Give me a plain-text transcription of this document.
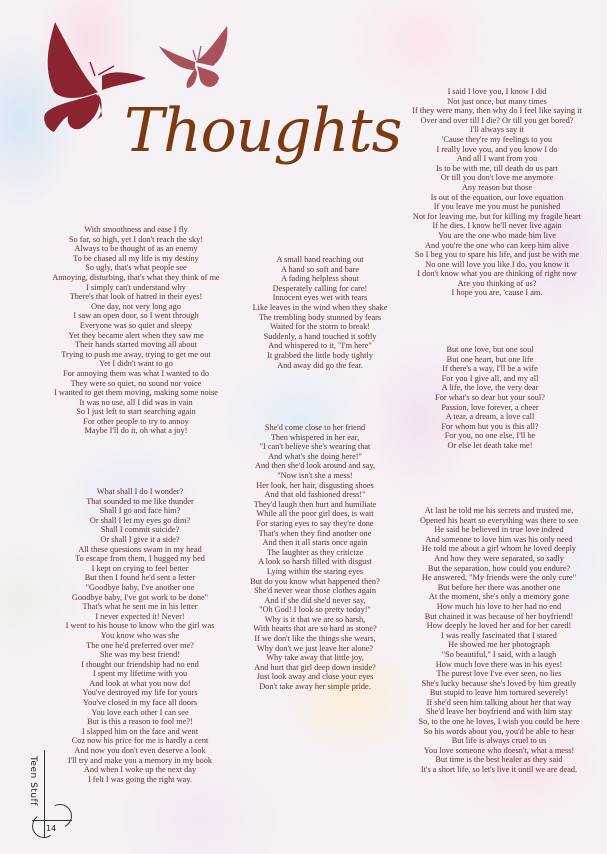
Thoughts
With smoothness and ease I fly
So far, so high, yet I don't reach the sky!
Always to be thought of as an enemy
To be chased all my life is my destiny
So ugly, that's what people see
Annoying, disturbing, that's what they think of me
I simply can't understand why
There's that look of hatred in their eyes!
One day, not very long ago
I saw an open door, so I went through
Everyone was so quiet and sleepy
Yet they became alert when they saw me
Their hands started moving all about
Trying to push me away, trying to get me out
Yet I didn't want to go
For annoying them was what I wanted to do
They were so quiet, no sound nor voice
I wanted to get them moving, making some noise
It was no use, all I did was in vain
So I just left to start searching again
For other people to try to annoy
Maybe I'll do it, oh what a joy!
A small hand reaching out
A hand so soft and bare
A fading helpless shout
Desperately calling for care!
Innocent eyes wet with tears
Like leaves in the wind when they shake
The trembling body stunned by fears
Waited for the storm to break!
Suddenly, a hand touched it softly
And whispered to it, "I'm here"
It grabbed the little body tightly
And away did go the fear.
I said I love you, I know I did
Not just once, but many times
If they were many, then why do I feel like saying it
Over and over till I die? Or till you get bored?
I'll always say it
'Cause they're my feelings to you
I really love you, and you know I do
And all I want from you
Is to be with me, till death do us part
Or till you don't love me anymore
Any reason but those
Is out of the equation, our love equation
If you leave me you must be punished
Not for leaving me, but for killing my fragile heart
If he dies, I know he'll never live again
You are the one who made him live
And you're the one who can keep him alive
So I beg you to spare his life, and just be with me
No one will love you like I do, you know it
I don't know what you are thinking of right now
Are you thinking of us?
I hope you are, 'cause I am.
But one love, but one soul
But one heart, but one life
If there's a way, I'll be a wife
For you I give all, and my all
A life, the love, the very dear
For what's so dear but your soul?
Passion, love forever, a cheer
A tear, a dream, a love call
For whom but you is this all?
For you, no one else, I'll be
Or else let death take me!
She'd come close to her friend
Then whispered in her ear,
"I can't believe she's wearing that
And what's she doing here!"
And then she'd look around and say,
"Now isn't she a mess!
Her look, her hair, disgusting shoes
And that old fashioned dress!"
They'd laugh then hurt and humiliate
While all the poor girl does, is wait
For staring eyes to say they're done
That's when they find another one
And then it all starts once again
The laughter as they criticize
A look so harsh filled with disgust
Lying within the staring eyes
But do you know what happened then?
She'd never wear those clothes again
And if she did she'd never say,
"Oh God! I look so pretty today!"
Why is it that we are so harsh,
With hearts that are so hard as stone?
If we don't like the things she wears,
Why don't we just leave her alone?
Why take away that little joy,
And hurt that girl deep down inside?
Just look away and close your eyes
Don't take away her simple pride.
What shall I do I wonder?
That sounded to me like thunder
Shall I go and face him?
Or shall I let my eyes go dim?
Shall I commit suicide?
Or shall I give it a side?
All these questions swam in my head
To escape from them, I hugged my bed
I kept on crying to feel better
But then I found he'd sent a letter
"Goodbye baby, I've another one
Goodbye baby, I've got work to be done"
That's what he sent me in his letter
I never expected it! Never!
I went to his house to know who the girl was
You know who was she
The one he'd preferred over me?
She was my best friend!
I thought our friendship had no end
I spent my lifetime with you
And look at what you now do!
You've destroyed my life for yours
You've closed in my face all doors
You love each other I can see
But is this a reason to fool me?!
I slapped him on the face and went
Coz now his price for me is hardly a cent
And now you don't even deserve a look
I'll try and make you a memory in my book
And when I woke up the next day
I felt I was going the right way.
At last he told me his secrets and trusted me,
Opened his heart so everything was there to see
He said he believed in true love indeed
And someone to love him was his only need
He told me about a girl whom he loved deeply
And how they were separated, so sadly
But the separation, how could you endure?
He answered, "My friends were the only cure"
But before her there was another one
At the moment, she's only a memory gone
How much his love to her had no end
But chained it was because of her boyfriend!
How deeply he loved her and for her cared!
I was really fascinated that I stared
He showed me her photograph
"So beautiful," I said, with a laugh
How much love there was in his eyes!
The purest love I've ever seen, no lies
She's lucky because she's loved by him greatly
But stupid to leave him tortured severely!
If she'd seen him talking about her that way
She'd leave her boyfriend and with him stay
So, to the one he loves, I wish you could be here
So his words about you, you'd be able to hear
But life is always cruel to us
You love someone who doesn't, what a mess!
But time is the best healer as they said
It's a short life, so let's live it until we are dead.
Teen Stuff
14
